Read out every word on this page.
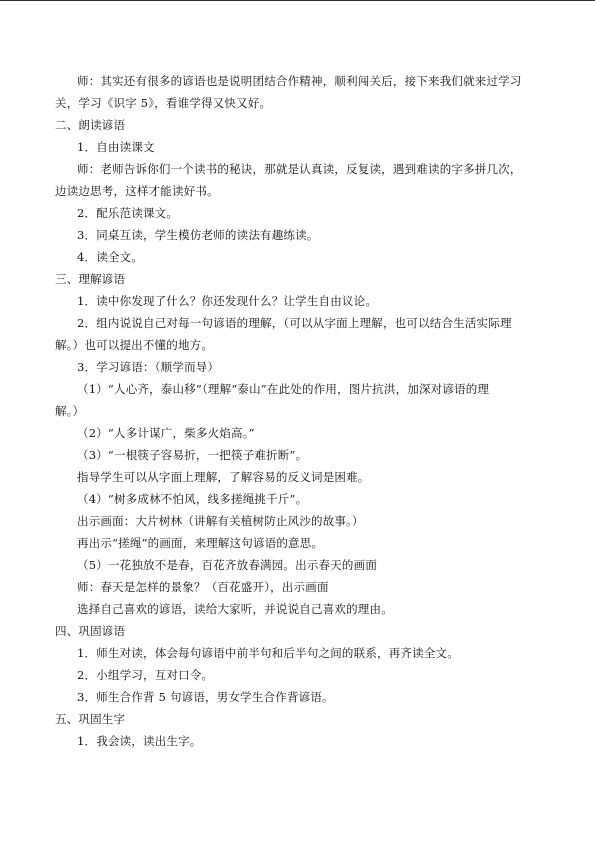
师：其实还有很多的谚语也是说明团结合作精神，顺利闯关后，接下来我们就来过学习
关，学习《识字 5》，看谁学得又快又好。
二、朗读谚语
1．自由读课文
师：老师告诉你们一个读书的秘诀，那就是认真读，反复读，遇到难读的字多拼几次，
边读边思考，这样才能读好书。
2．配乐范读课文。
3．同桌互读，学生模仿老师的读法有趣练读。
4．读全文。
三、理解谚语
1．读中你发现了什么？你还发现什么？让学生自由议论。
2．组内说说自己对每一句谚语的理解，（可以从字面上理解，也可以结合生活实际理
解。）也可以提出不懂的地方。
3．学习谚语：（顺学而导）
（1）“人心齐，泰山移”（理解“泰山”在此处的作用，图片抗洪，加深对谚语的理
解。）
（2）“人多计谋广，柴多火焰高。”
（3）“一根筷子容易折，一把筷子难折断”。
指导学生可以从字面上理解，了解容易的反义词是困难。
（4）“树多成林不怕风，线多搓绳挑千斤”。
出示画面：大片树林（讲解有关植树防止风沙的故事。）
再出示“搓绳”的画面，来理解这句谚语的意思。
（5）一花独放不是春，百花齐放春满园。出示春天的画面
师：春天是怎样的景象？（百花盛开），出示画面
选择自己喜欢的谚语，读给大家听，并说说自己喜欢的理由。
四、巩固谚语
1．师生对读，体会每句谚语中前半句和后半句之间的联系，再齐读全文。
2．小组学习，互对口令。
3．师生合作背 5 句谚语，男女学生合作背谚语。
五、巩固生字
1．我会读，读出生字。
